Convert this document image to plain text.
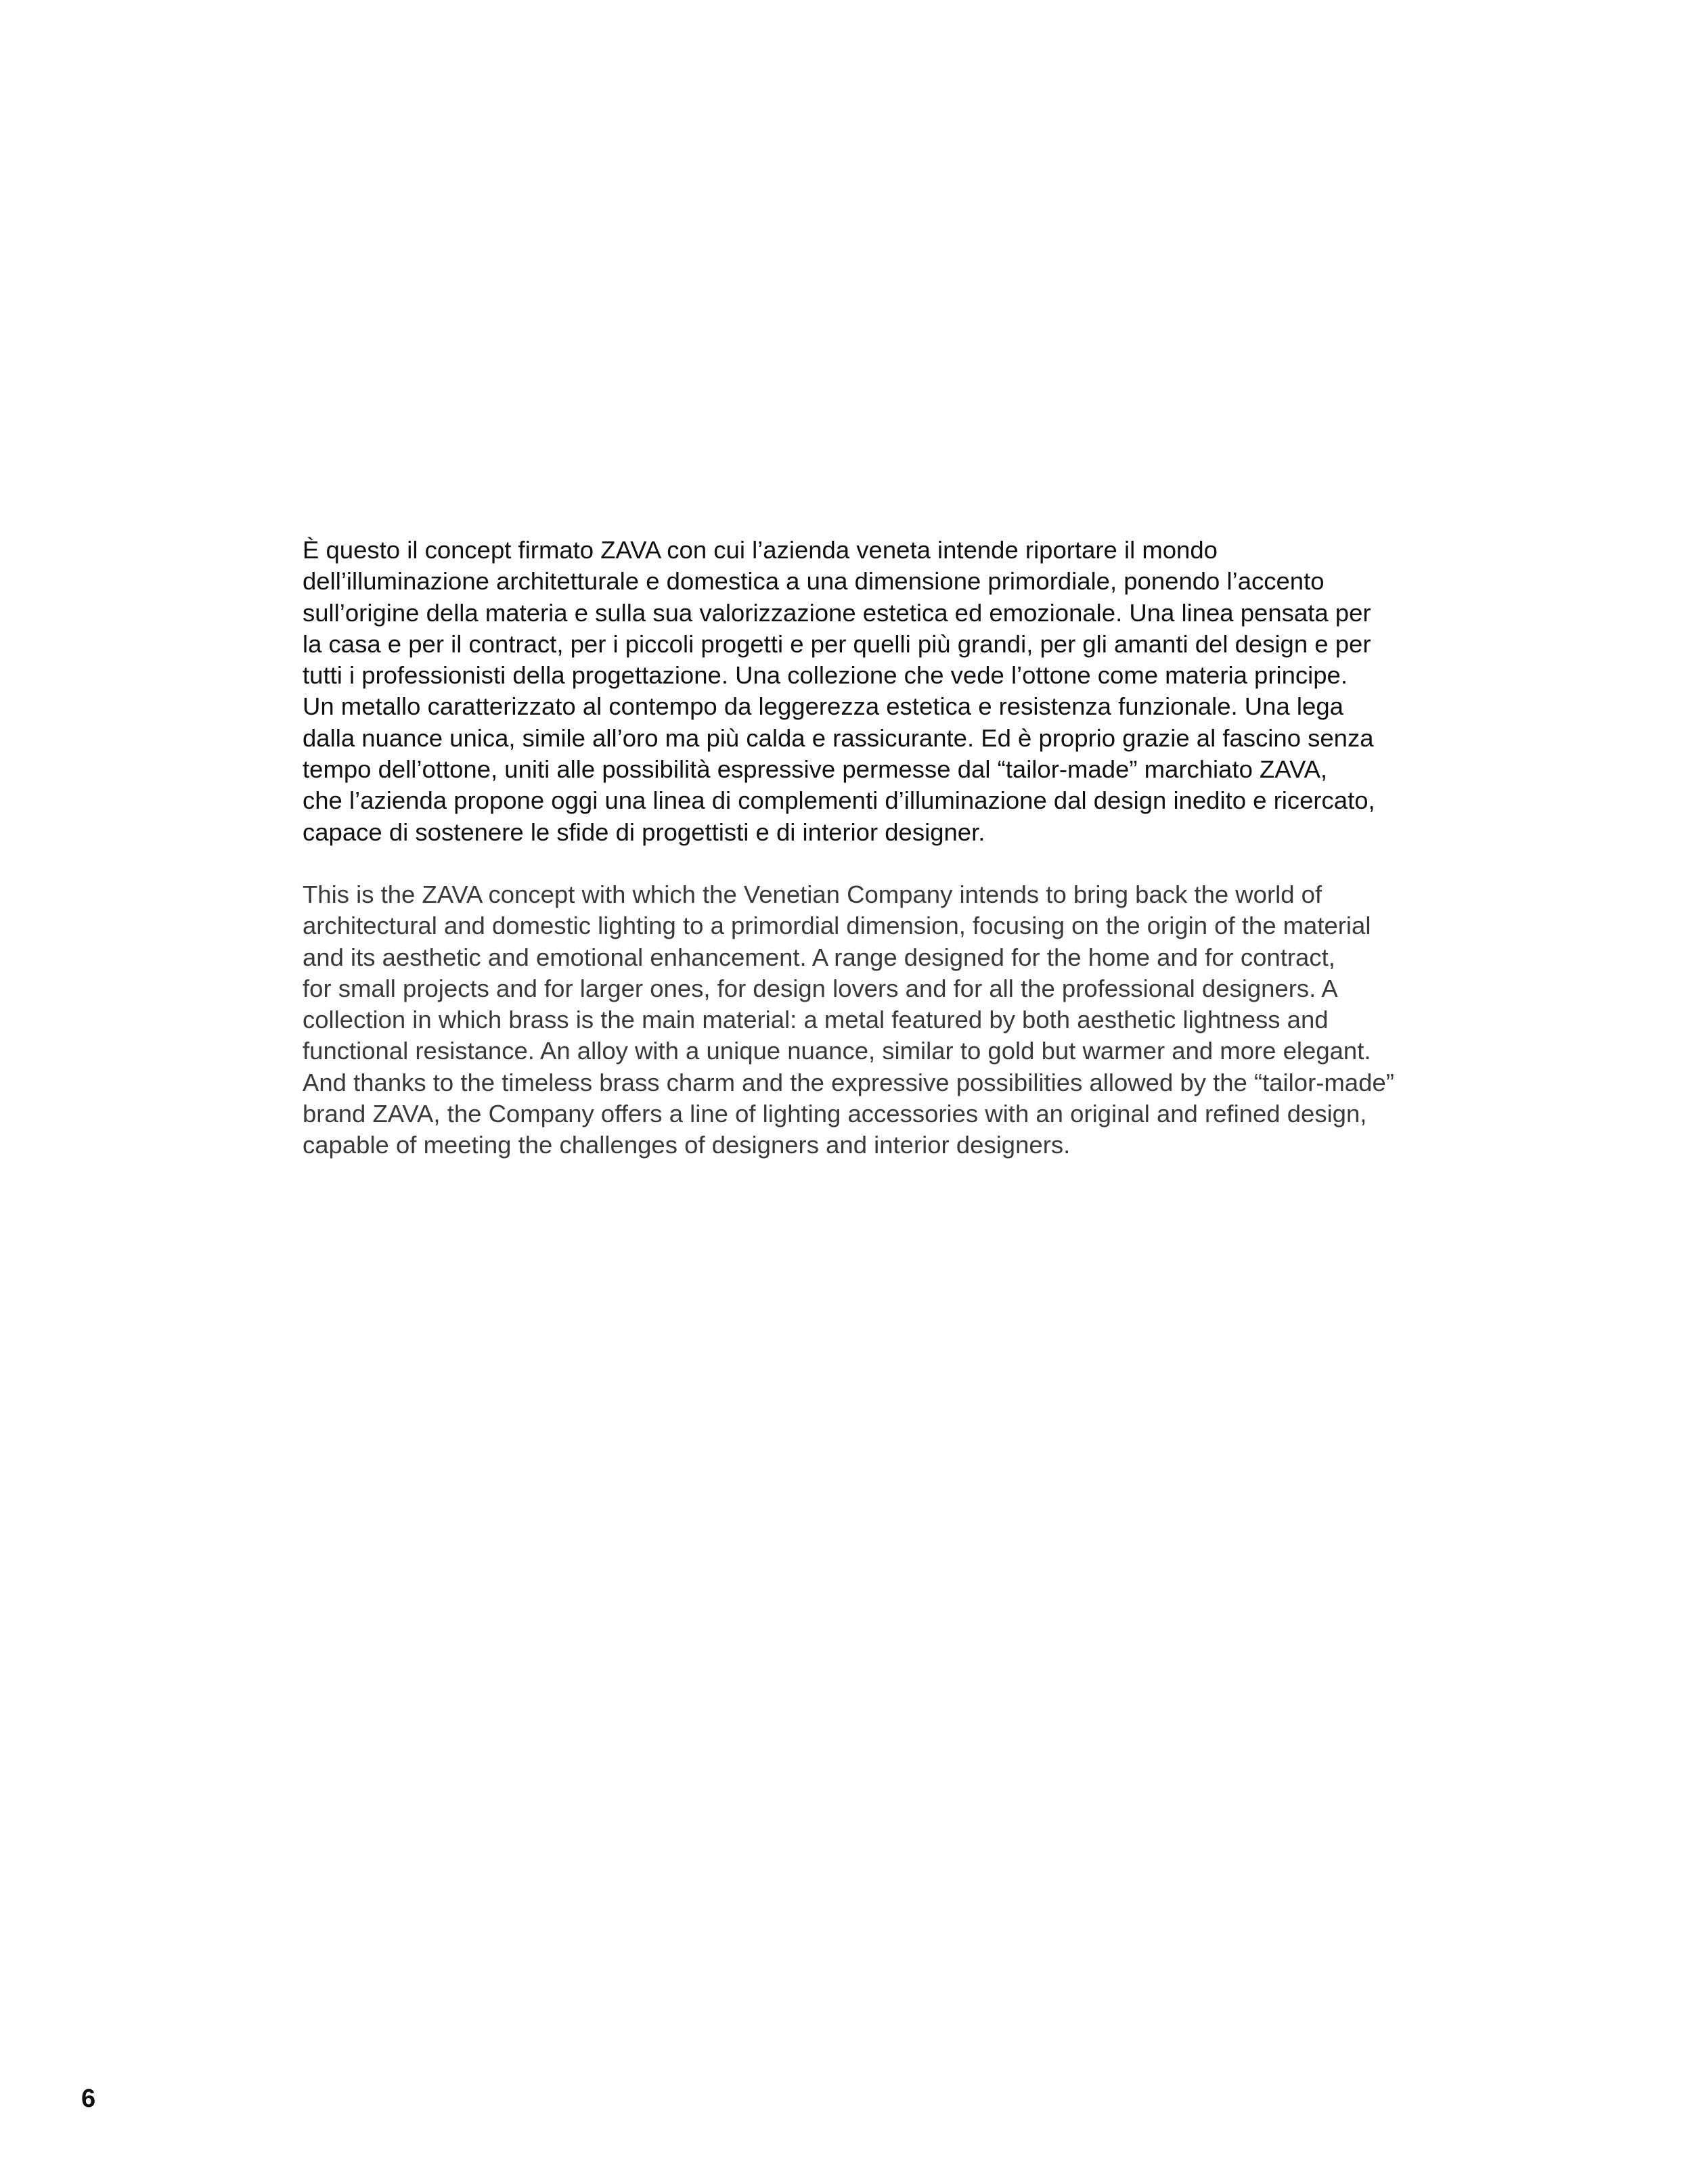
È questo il concept firmato ZAVA con cui l’azienda veneta intende riportare il mondo
dell’illuminazione architetturale e domestica a una dimensione primordiale, ponendo l’accento
sull’origine della materia e sulla sua valorizzazione estetica ed emozionale. Una linea pensata per
la casa e per il contract, per i piccoli progetti e per quelli più grandi, per gli amanti del design e per
tutti i professionisti della progettazione. Una collezione che vede l’ottone come materia principe.
Un metallo caratterizzato al contempo da leggerezza estetica e resistenza funzionale. Una lega
dalla nuance unica, simile all’oro ma più calda e rassicurante. Ed è proprio grazie al fascino senza
tempo dell’ottone, uniti alle possibilità espressive permesse dal “tailor-made” marchiato ZAVA,
che l’azienda propone oggi una linea di complementi d’illuminazione dal design inedito e ricercato,
capace di sostenere le sfide di progettisti e di interior designer.

This is the ZAVA concept with which the Venetian Company intends to bring back the world of
architectural and domestic lighting to a primordial dimension, focusing on the origin of the material
and its aesthetic and emotional enhancement. A range designed for the home and for contract,
for small projects and for larger ones, for design lovers and for all the professional designers. A
collection in which brass is the main material: a metal featured by both aesthetic lightness and
functional resistance. An alloy with a unique nuance, similar to gold but warmer and more elegant.
And thanks to the timeless brass charm and the expressive possibilities allowed by the “tailor-made”
brand ZAVA, the Company offers a line of lighting accessories with an original and refined design,
capable of meeting the challenges of designers and interior designers.

6
